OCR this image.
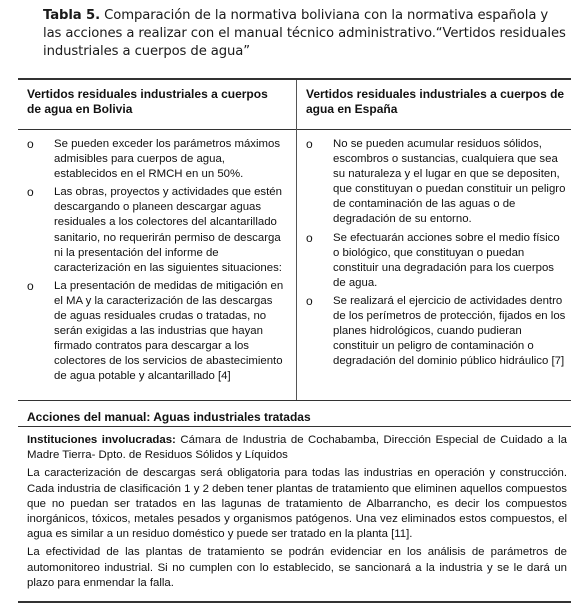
Tabla 5. Comparación de la normativa boliviana con la normativa española y las acciones a realizar con el manual técnico administrativo.“Vertidos residuales industriales a cuerpos de agua”
Vertidos residuales industriales a cuerpos de agua en Bolivia
Vertidos residuales industriales a cuerpos de agua en España
o Se pueden exceder los parámetros máximos admisibles para cuerpos de agua, establecidos en el RMCH en un 50%.
o Las obras, proyectos y actividades que estén descargando o planeen descargar aguas residuales a los colectores del alcantarillado sanitario, no requerirán permiso de descarga ni la presentación del informe de caracterización en las siguientes situaciones:
o La presentación de medidas de mitigación en el MA y la caracterización de las descargas de aguas residuales crudas o tratadas, no serán exigidas a las industrias que hayan firmado contratos para descargar a los colectores de los servicios de abastecimiento de agua potable y alcantarillado [4]
o No se pueden acumular residuos sólidos, escombros o sustancias, cualquiera que sea su naturaleza y el lugar en que se depositen, que constituyan o puedan constituir un peligro de contaminación de las aguas o de degradación de su entorno.
o Se efectuarán acciones sobre el medio físico o biológico, que constituyan o puedan constituir una degradación para los cuerpos de agua.
o Se realizará el ejercicio de actividades dentro de los perímetros de protección, fijados en los planes hidrológicos, cuando pudieran constituir un peligro de contaminación o degradación del dominio público hidráulico [7]
Acciones del manual: Aguas industriales tratadas

Instituciones involucradas: Cámara de Industria de Cochabamba, Dirección Especial de Cuidado a la Madre Tierra- Dpto. de Residuos Sólidos y Líquidos

La caracterización de descargas será obligatoria para todas las industrias en operación y construcción. Cada industria de clasificación 1 y 2 deben tener plantas de tratamiento que eliminen aquellos compuestos que no puedan ser tratados en las lagunas de tratamiento de Albarrancho, es decir los compuestos inorgánicos, tóxicos, metales pesados y organismos patógenos. Una vez eliminados estos compuestos, el agua es similar a un residuo doméstico y puede ser tratado en la planta [11].

La efectividad de las plantas de tratamiento se podrán evidenciar en los análisis de parámetros de automonitoreo industrial. Si no cumplen con lo establecido, se sancionará a la industria y se le dará un plazo para enmendar la falla.
